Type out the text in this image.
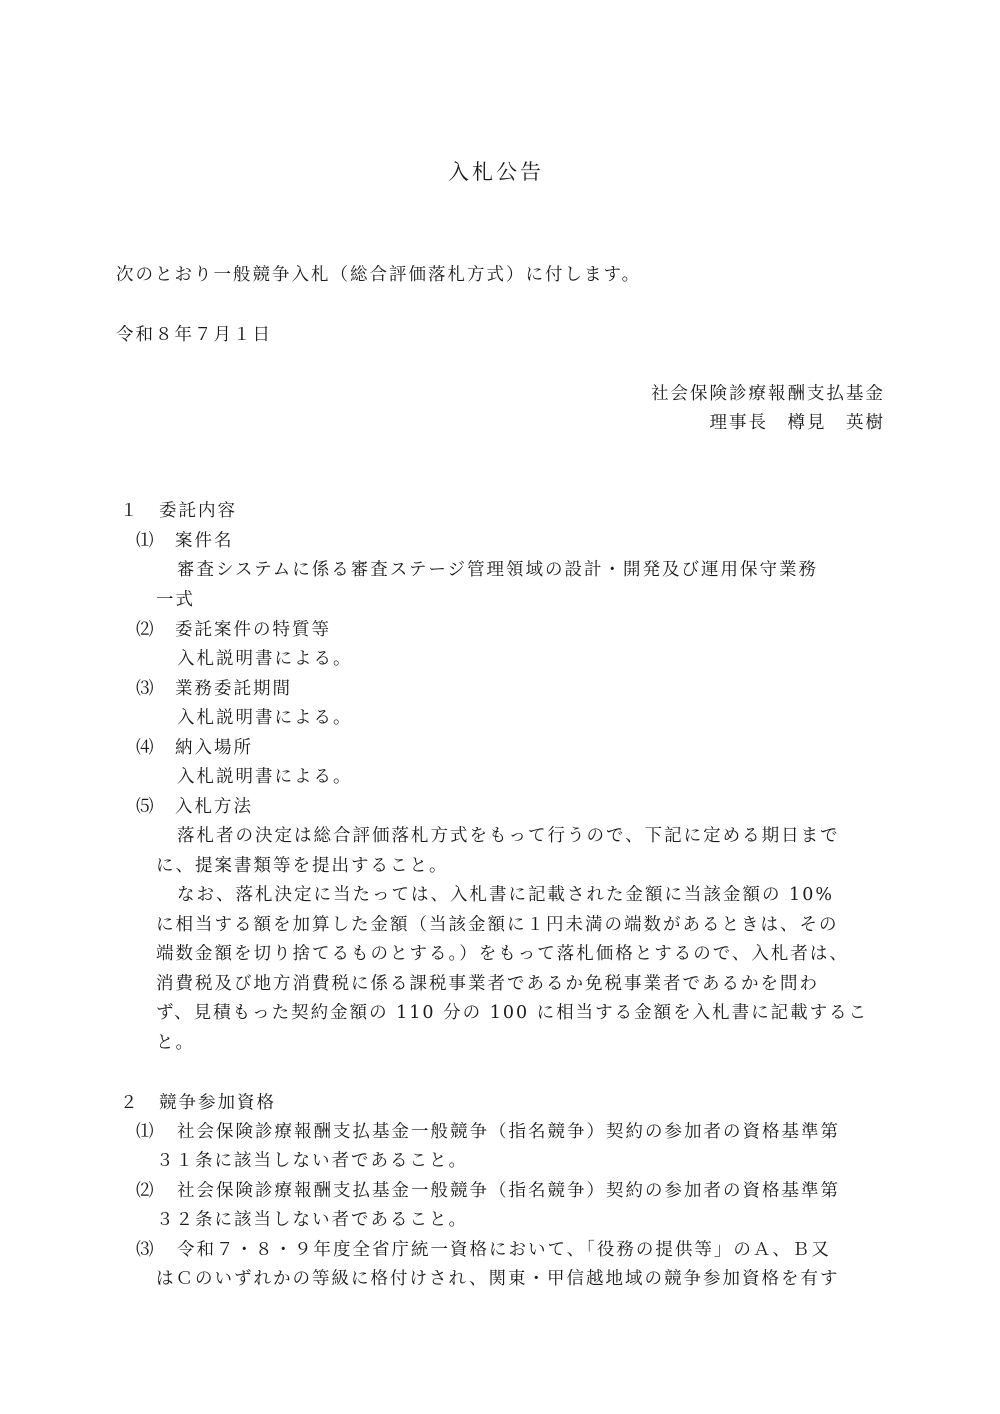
入札公告
次のとおり一般競争入札（総合評価落札方式）に付します。
令和８年７月１日
社会保険診療報酬支払基金
理事長　樽見　英樹
１　委託内容
⑴　案件名
審査システムに係る審査ステージ管理領域の設計・開発及び運用保守業務
一式
⑵　委託案件の特質等
入札説明書による。
⑶　業務委託期間
入札説明書による。
⑷　納入場所
入札説明書による。
⑸　入札方法
落札者の決定は総合評価落札方式をもって行うので、下記に定める期日まで
に、提案書類等を提出すること。
なお、落札決定に当たっては、入札書に記載された金額に当該金額の 10%
に相当する額を加算した金額（当該金額に１円未満の端数があるときは、その
端数金額を切り捨てるものとする。）をもって落札価格とするので、入札者は、
消費税及び地方消費税に係る課税事業者であるか免税事業者であるかを問わ
ず、見積もった契約金額の 110 分の 100 に相当する金額を入札書に記載するこ
と。
２　競争参加資格
⑴ 社会保険診療報酬支払基金一般競争（指名競争）契約の参加者の資格基準第
３１条に該当しない者であること。
⑵ 社会保険診療報酬支払基金一般競争（指名競争）契約の参加者の資格基準第
３２条に該当しない者であること。
⑶ 令和７・８・９年度全省庁統一資格において、「役務の提供等」のＡ、Ｂ又
はＣのいずれかの等級に格付けされ、関東・甲信越地域の競争参加資格を有す
